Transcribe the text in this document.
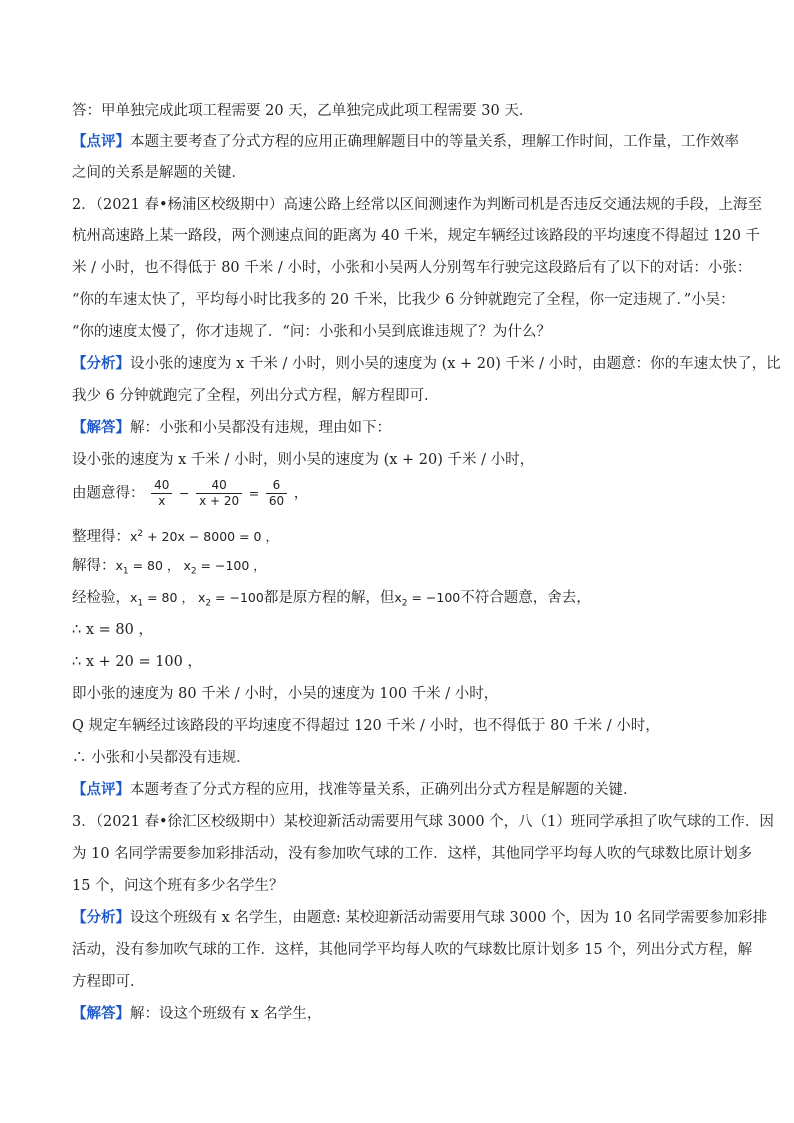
答：甲单独完成此项工程需要 20 天，乙单独完成此项工程需要 30 天．
【点评】本题主要考查了分式方程的应用正确理解题目中的等量关系，理解工作时间，工作量，工作效率
之间的关系是解题的关键．
2．（2021 春•杨浦区校级期中）高速公路上经常以区间测速作为判断司机是否违反交通法规的手段，上海至
杭州高速路上某一路段，两个测速点间的距离为 40 千米，规定车辆经过该路段的平均速度不得超过 120 千
米 / 小时，也不得低于 80 千米 / 小时，小张和小吴两人分别驾车行驶完这段路后有了以下的对话：小张：
“你的车速太快了，平均每小时比我多的 20 千米，比我少 6 分钟就跑完了全程，你一定违规了．”小吴：
“你的速度太慢了，你才违规了．“问：小张和小吴到底谁违规了？为什么？
【分析】设小张的速度为 x 千米 / 小时，则小吴的速度为 (x + 20) 千米 / 小时，由题意：你的车速太快了，比
我少 6 分钟就跑完了全程，列出分式方程，解方程即可．
【解答】解：小张和小吴都没有违规，理由如下：
设小张的速度为 x 千米 / 小时，则小吴的速度为 (x + 20) 千米 / 小时，
由题意得： $\frac{40}{x} - \frac{40}{x + 20} = \frac{6}{60}$ ，
整理得：$x^2 + 20x - 8000 = 0$ ，
解得：$x_1 = 80$ ， $x_2 = -100$ ，
经检验，$x_1 = 80$ ， $x_2 = -100$都是原方程的解，但$x_2 = -100$不符合题意，舍去，
∴ x = 80 ，
∴ x + 20 = 100 ，
即小张的速度为 80 千米 / 小时，小吴的速度为 100 千米 / 小时，
Q 规定车辆经过该路段的平均速度不得超过 120 千米 / 小时，也不得低于 80 千米 / 小时，
∴ 小张和小吴都没有违规．
【点评】本题考查了分式方程的应用，找准等量关系，正确列出分式方程是解题的关键．
3．（2021 春•徐汇区校级期中）某校迎新活动需要用气球 3000 个，八（1）班同学承担了吹气球的工作．因
为 10 名同学需要参加彩排活动，没有参加吹气球的工作．这样，其他同学平均每人吹的气球数比原计划多
15 个，问这个班有多少名学生？
【分析】设这个班级有 x 名学生，由题意: 某校迎新活动需要用气球 3000 个，因为 10 名同学需要参加彩排
活动，没有参加吹气球的工作．这样，其他同学平均每人吹的气球数比原计划多 15 个，列出分式方程，解
方程即可．
【解答】解：设这个班级有 x 名学生，
